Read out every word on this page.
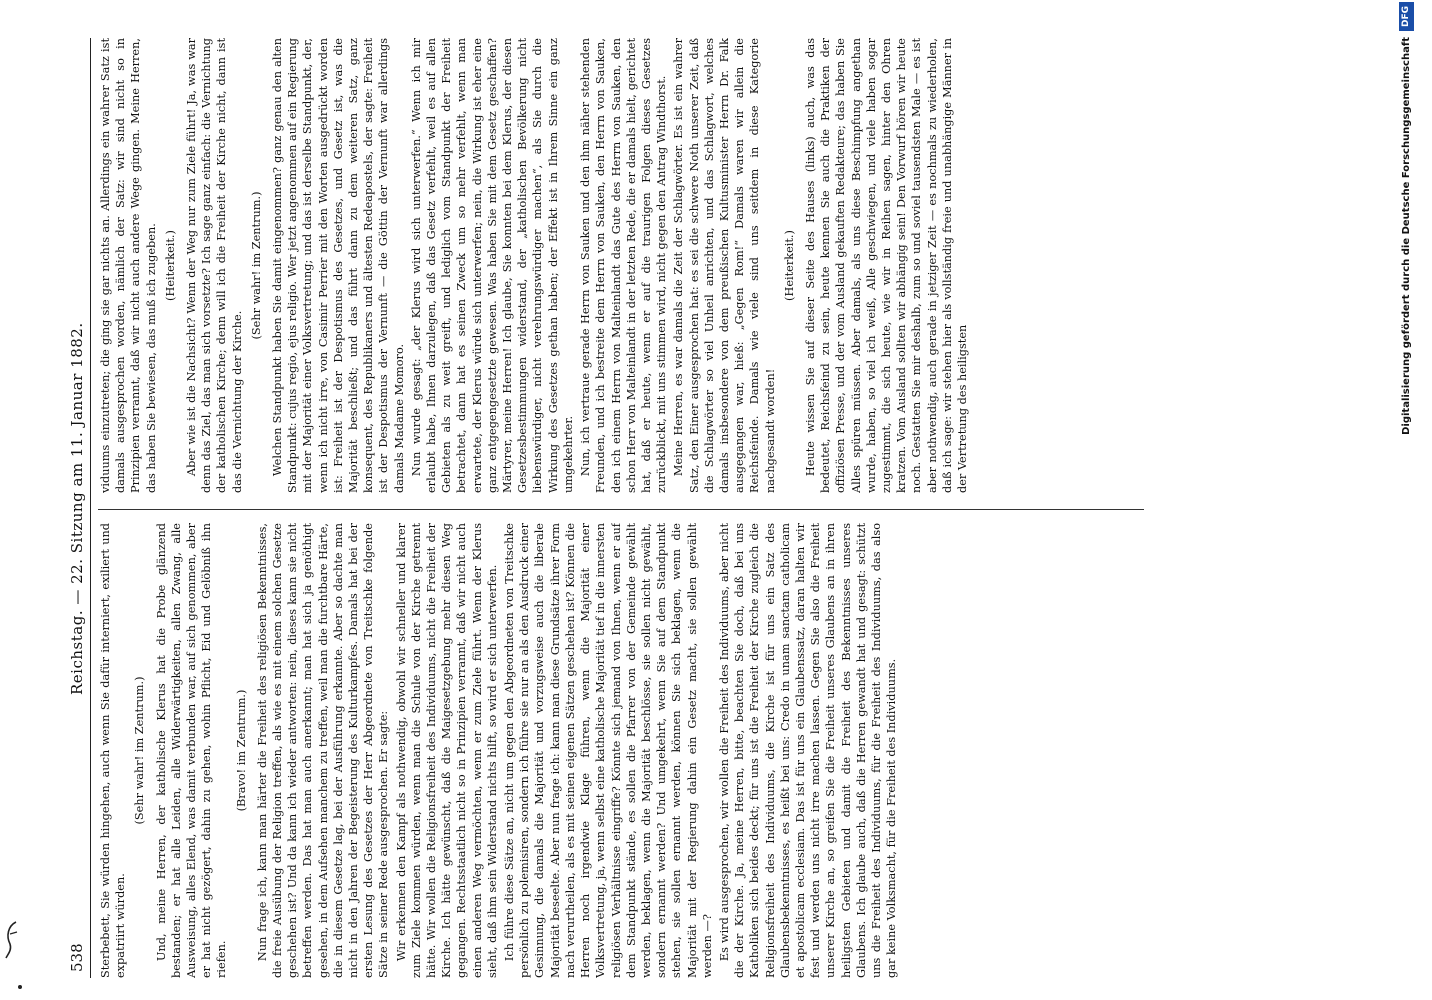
538
Reichstag. — 22. Sitzung am 11. Januar 1882.

Sterbebett, Sie würden hingehen, auch wenn Sie dafür interniert, exiliert und expatriirt würden.

(Sehr wahr! im Zentrum.) Und, meine Herren, der katholische Klerus hat die Probe glänzend bestanden; er hat alle Leiden, alle Widerwärtigkeiten, allen Zwang, alle Ausweisung, alles Elend, was damit verbunden war, auf sich genommen, aber er hat nicht gezögert, dahin zu gehen, wohin Pflicht, Eid und Gelöbniß ihn riefen.

(Bravo! im Zentrum.) Nun frage ich, kann man härter die Freiheit des religiösen Bekenntnisses, die freie Ausübung der Religion treffen, als wie es mit einem solchen Gesetze geschehen ist? Und da kann ich wieder antworten: nein, dieses kann sie nicht betreffen werden. Das hat man auch anerkannt; man hat sich ja genöthigt gesehen, in dem Aufsehen manchem zu treffen, weil man die furchtbare Härte, die in diesem Gesetze lag, bei der Ausführung erkannte. Aber so dachte man nicht in den Jahren der Begeisterung des Kulturkampfes. Damals hat bei der ersten Lesung des Gesetzes der Herr Abgeordnete von Treitschke folgende Sätze in seiner Rede ausgesprochen. Er sagte: Wir erkennen den Kampf als nothwendig, obwohl wir schneller und klarer zum Ziele kommen würden, wenn man die Schule von der Kirche getrennt hätte. Wir wollen die Religionsfreiheit des Individuums, nicht die Freiheit der Kirche. Ich hätte gewünscht, daß die Maigesetzgebung mehr diesen Weg gegangen. Rechtsstaatlich nicht so in Prinzipien verrannt, daß wir nicht auch einen anderen Weg vermöchten, wenn er zum Ziele führt. Wenn der Klerus sieht, daß ihm sein Widerstand nichts hilft, so wird er sich unterwerfen. Ich führe diese Sätze an, nicht um gegen den Abgeordneten von Treitschke persönlich zu polemisiren, sondern ich führe sie nur an als den Ausdruck einer Gesinnung, die damals die Majorität und vorzugsweise auch die liberale Majorität beseelte. Aber nun frage ich: kann man diese Grundsätze ihrer Form nach verurtheilen, als es mit seinen eigenen Sätzen geschehen ist? Können die Herren noch irgendwie Klage führen, wenn die Majorität einer Volksvertretung, ja, wenn selbst eine katholische Majorität tief in die innersten religiösen Verhältnisse eingriffe? Könnte sich jemand von Ihnen, wenn er auf dem Standpunkt stände, es sollen die Pfarrer von der Gemeinde gewählt werden, beklagen, wenn die Majorität beschlösse, sie sollen nicht gewählt, sondern ernannt werden? Und umgekehrt, wenn Sie auf dem Standpunkt stehen, sie sollen ernannt werden, können Sie sich beklagen, wenn die Majorität mit der Regierung dahin ein Gesetz macht, sie sollen gewählt werden —? Es wird ausgesprochen, wir wollen die Freiheit des Individuums, aber nicht die der Kirche. Ja, meine Herren, bitte, beachten Sie doch, daß bei uns Katholiken sich beides deckt; für uns ist die Freiheit der Kirche zugleich die Religionsfreiheit des Individuums, die Kirche ist für uns ein Satz des Glaubensbekenntnisses, es heißt bei uns: Credo in unam sanctam catholicam et apostolicam ecclesiam. Das ist für uns ein Glaubenssatz, daran halten wir fest und werden uns nicht irre machen lassen. Gegen Sie also die Freiheit unserer Kirche an, so greifen Sie die Freiheit unseres Glaubens an in ihren heiligsten Gebieten und damit die Freiheit des Bekenntnisses unseres Glaubens. Ich glaube auch, daß die Herren gewandt hat und gesagt: schützt uns die Freiheit des Individuums, für die Freiheit des Individuums, das also gar keine Volksmacht, für die Freiheit des Individuums.

viduums einzutreten; die ging sie gar nichts an. Allerdings ein wahrer Satz ist damals ausgesprochen worden, nämlich der Satz: wir sind nicht so in Prinzipien verrannt, daß wir nicht auch andere Wege gingen. Meine Herren, das haben Sie bewiesen, das muß ich zugeben. (Heiterkeit.) Aber wie ist die Nachsicht? Wenn der Weg nur zum Ziele führt! Ja, was war denn das Ziel, das man sich vorsetzte? Ich sage ganz einfach: die Vernichtung der katholischen Kirche; denn will ich die Freiheit der Kirche nicht, dann ist das die Vernichtung der Kirche.

(Sehr wahr! im Zentrum.) Welchen Standpunkt haben Sie damit eingenommen? ganz genau den alten Standpunkt: cujus regio, ejus religio. Wer jetzt angenommen auf ein Regierung mit der Majorität einer Volksvertretung; und das ist derselbe Standpunkt, der, wenn ich nicht irre, von Casimir Perrier mit den Worten ausgedrückt worden ist: Freiheit ist der Despotismus des Gesetzes, und Gesetz ist, was die Majorität beschließt; und das führt dann zu dem weiteren Satz, ganz konsequent, des Republikaners und ältesten Redeapostels, der sagte: Freiheit ist der Despotismus der Vernunft — die Göttin der Vernunft war allerdings damals Madame Momoro. Nun wurde gesagt: „der Klerus wird sich unterwerfen.“ Wenn ich mir erlaubt habe, Ihnen darzulegen, daß das Gesetz verfehlt, weil es auf allen Gebieten als zu weit greift, und lediglich vom Standpunkt der Freiheit betrachtet, dann hat es seinen Zweck um so mehr verfehlt, wenn man erwartete, der Klerus würde sich unterwerfen; nein, die Wirkung ist eher eine ganz entgegengesetzte gewesen. Was haben Sie mit dem Gesetz geschaffen? Märtyrer, meine Herren! Ich glaube, Sie konnten bei dem Klerus, der diesen Gesetzesbestimmungen widerstand, der „katholischen Bevölkerung nicht liebenswürdiger, nicht verehrungswürdiger machen“, als Sie durch die Wirkung des Gesetzes gethan haben; der Effekt ist in Ihrem Sinne ein ganz umgekehrter. Nun, ich vertraue gerade Herrn von Sauken und den ihm näher stehenden Freunden, und ich bestreite dem Herrn von Sauken, den Herrn von Sauken, den ich einem Herrn von Malteinlandt das Gute des Herrn von Sauken, den schon Herr von Malteinlandt in der letzten Rede, die er damals hielt, gerichtet hat, daß er heute, wenn er auf die traurigen Folgen dieses Gesetzes zurückblickt, mit uns stimmen wird, nicht gegen den Antrag Windthorst. Meine Herren, es war damals die Zeit der Schlagwörter. Es ist ein wahrer Satz, den Einer ausgesprochen hat: es sei die schwere Noth unserer Zeit, daß die Schlagwörter so viel Unheil anrichten, und das Schlagwort, welches damals insbesondere von dem preußischen Kultusminister Herrn Dr. Falk ausgegangen war, hieß: „Gegen Rom!“ Damals waren wir allein die Reichsfeinde. Damals wie viele sind uns seitdem in diese Kategorie nachgesandt worden!

(Heiterkeit.) Heute wissen Sie auf dieser Seite des Hauses (links) auch, was das bedeutet, Reichsfeind zu sein, heute kennen Sie auch die Praktiken der offiziösen Presse, und der vom Ausland gekauften Redakteure; das haben Sie Alles spüren müssen. Aber damals, als uns diese Beschimpfung angethan wurde, haben, so viel ich weiß, Alle geschwiegen, und viele haben sogar zugestimmt, die sich heute, wie wir in Reihen sagen, hinter den Ohren kratzen. Vom Ausland sollten wir abhängig sein! Den Vorwurf hören wir heute noch. Gestatten Sie mir deshalb, zum so und soviel tausendsten Male — es ist aber nothwendig, auch gerade in jetziger Zeit — es nochmals zu wiederholen, daß ich sage: wir stehen hier als vollständig freie und unabhängige Männer in der Vertretung des heiligsten	Digitalisierung gefördert durch die Deutsche Forschungsgemeinschaft
DFG
